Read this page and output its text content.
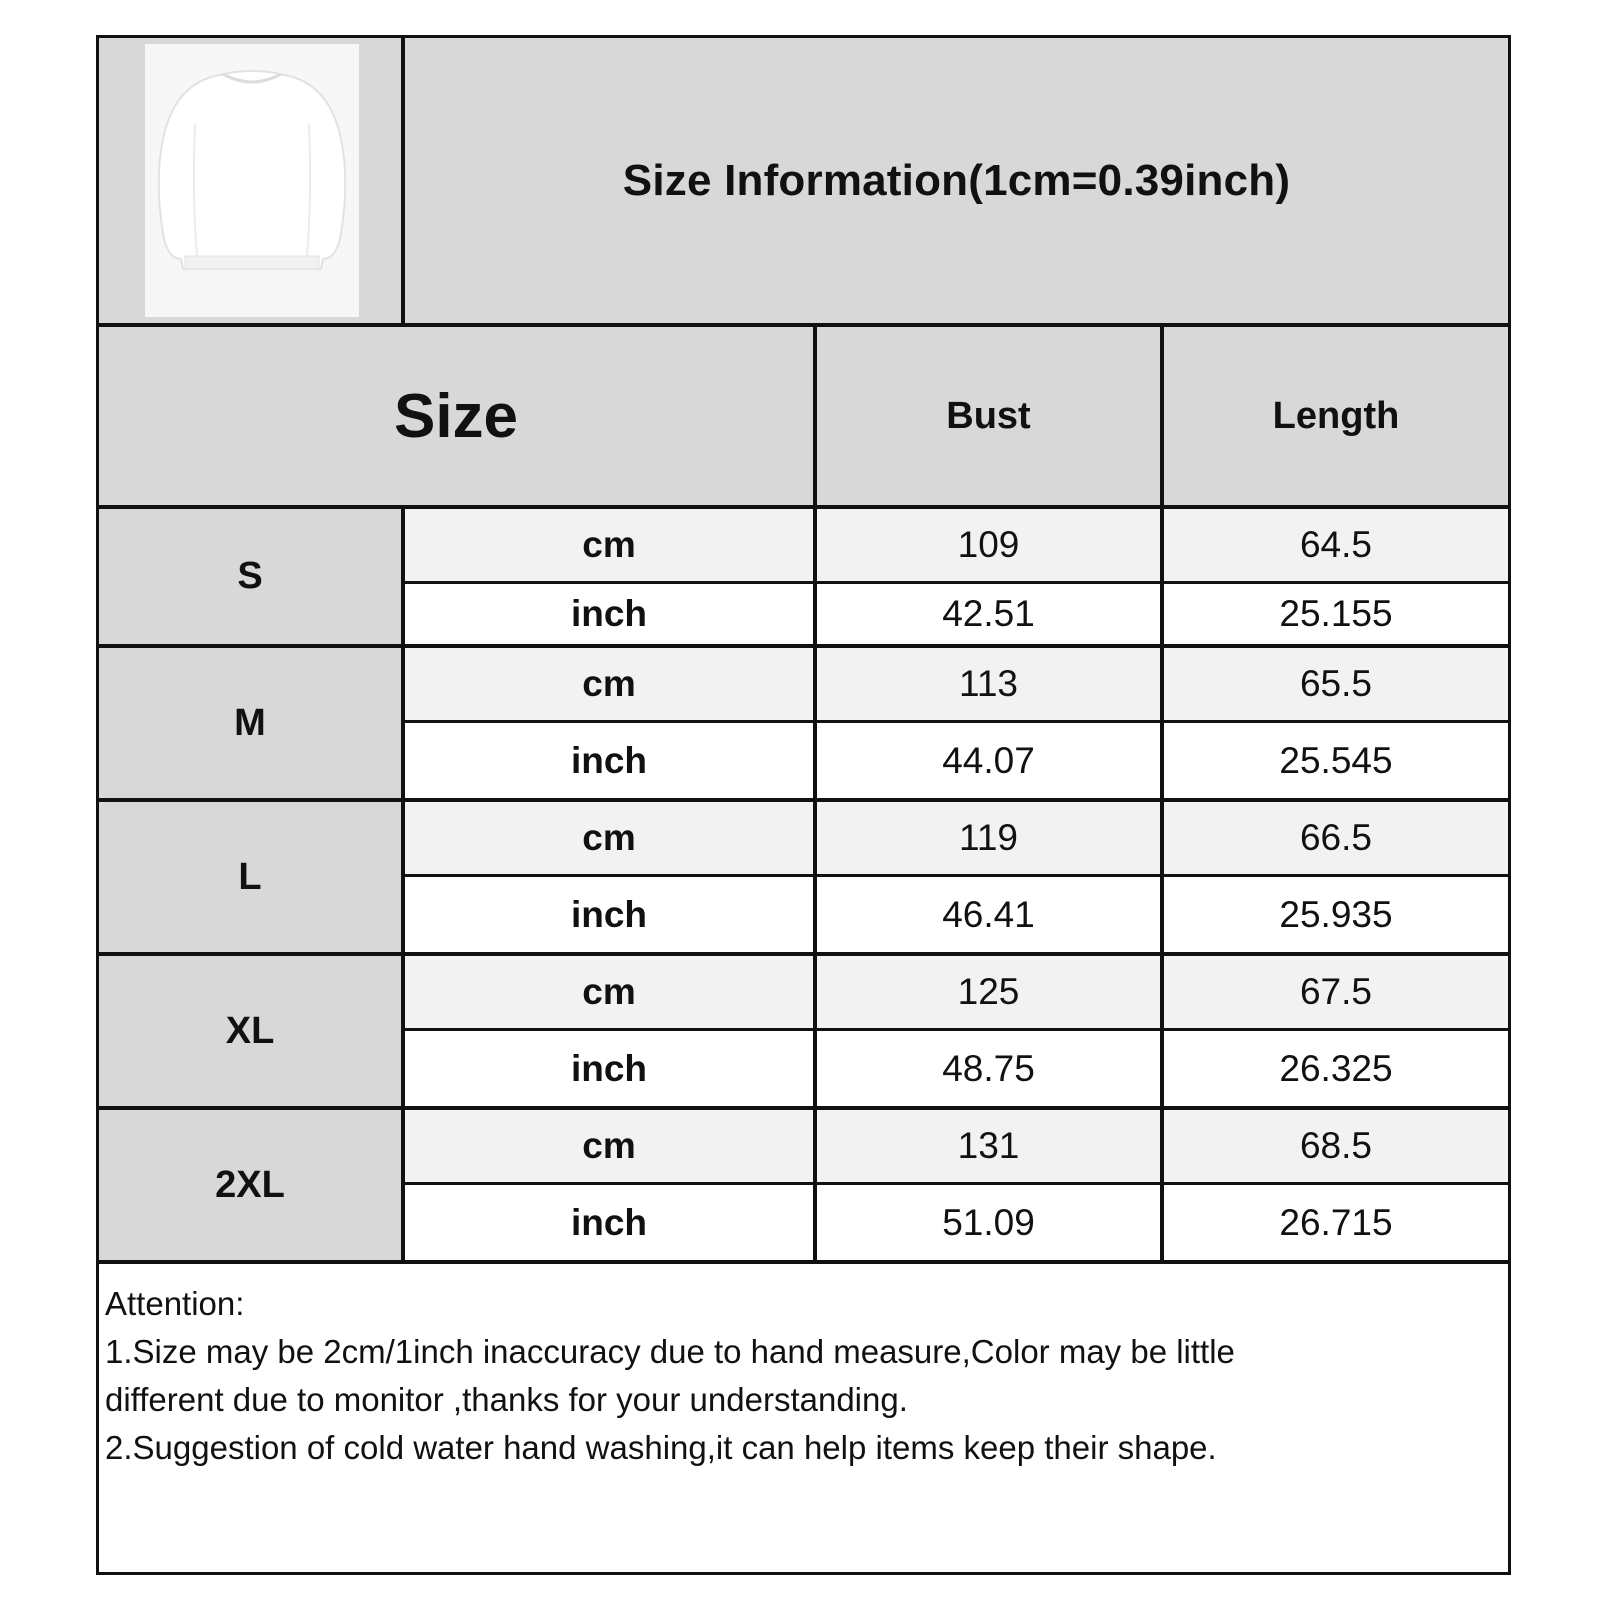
Size Information(1cm=0.39inch)
Size	Bust	Length
S
cm	109	64.5
inch	42.51	25.155
M
cm	113	65.5
inch	44.07	25.545
L
cm	119	66.5
inch	46.41	25.935
XL
cm	125	67.5
inch	48.75	26.325
2XL
cm	131	68.5
inch	51.09	26.715
Attention:
1.Size may be 2cm/1inch inaccuracy due to hand measure,Color may be little
different due to monitor ,thanks for your understanding.
2.Suggestion of cold water hand washing,it can help items keep their shape.
